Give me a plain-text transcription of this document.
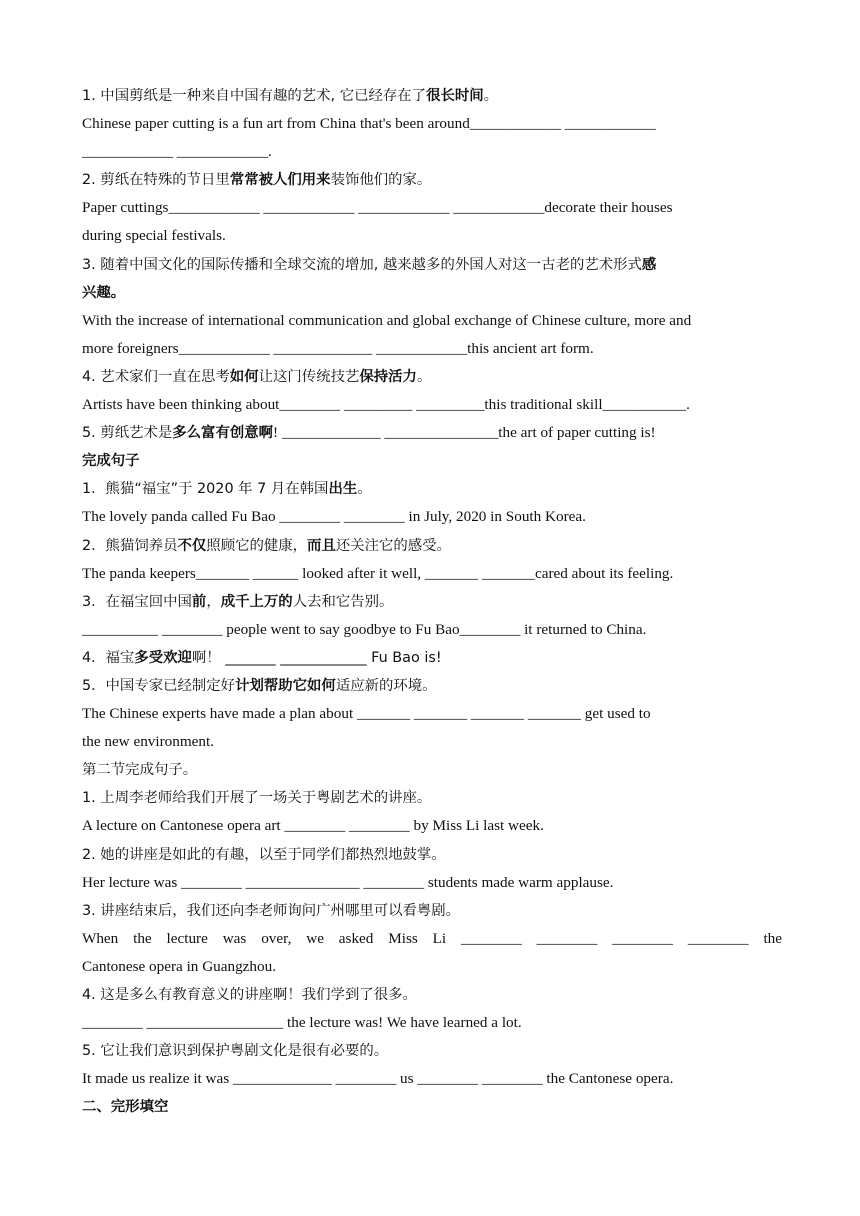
1. 中国剪纸是一种来自中国有趣的艺术, 它已经存在了很长时间。
Chinese paper cutting is a fun art from China that's been around____________ ____________
____________ ____________.
2. 剪纸在特殊的节日里常常被人们用来装饰他们的家。
Paper cuttings____________ ____________ ____________ ____________decorate their houses
during special festivals.
3. 随着中国文化的国际传播和全球交流的增加, 越来越多的外国人对这一古老的艺术形式感
兴趣。
With the increase of international communication and global exchange of Chinese culture, more and
more foreigners____________ _____________ ____________this ancient art form.
4. 艺术家们一直在思考如何让这门传统技艺保持活力。
Artists have been thinking about________ _________ _________this traditional skill___________.
5. 剪纸艺术是多么富有创意啊! _____________ _______________the art of paper cutting is!
完成句子
1．熊猫“福宝”于 2020 年 7 月在韩国出生。
The lovely panda called Fu Bao ________ ________ in July, 2020 in South Korea.
2．熊猫饲养员不仅照顾它的健康，而且还关注它的感受。
The panda keepers_______ ______ looked after it well, _______ _______cared about its feeling.
3．在福宝回中国前，成千上万的人去和它告别。
__________ ________ people went to say goodbye to Fu Bao________ it returned to China.
4．福宝多受欢迎啊！ _______ ____________ Fu Bao is!
5．中国专家已经制定好计划帮助它如何适应新的环境。
The Chinese experts have made a plan about _______ _______ _______ _______ get used to
the new environment.
第二节完成句子。
1. 上周李老师给我们开展了一场关于粤剧艺术的讲座。
A lecture on Cantonese opera art ________ ________ by Miss Li last week.
2. 她的讲座是如此的有趣，以至于同学们都热烈地鼓掌。
Her lecture was ________ _______________ ________ students made warm applause.
3. 讲座结束后，我们还向李老师询问广州哪里可以看粤剧。
When the lecture was over, we asked Miss Li ________ ________ ________ ________ the
Cantonese opera in Guangzhou.
4. 这是多么有教育意义的讲座啊！我们学到了很多。
________ __________________ the lecture was! We have learned a lot.
5. 它让我们意识到保护粤剧文化是很有必要的。
It made us realize it was _____________ ________ us ________ ________ the Cantonese opera.
二、完形填空
